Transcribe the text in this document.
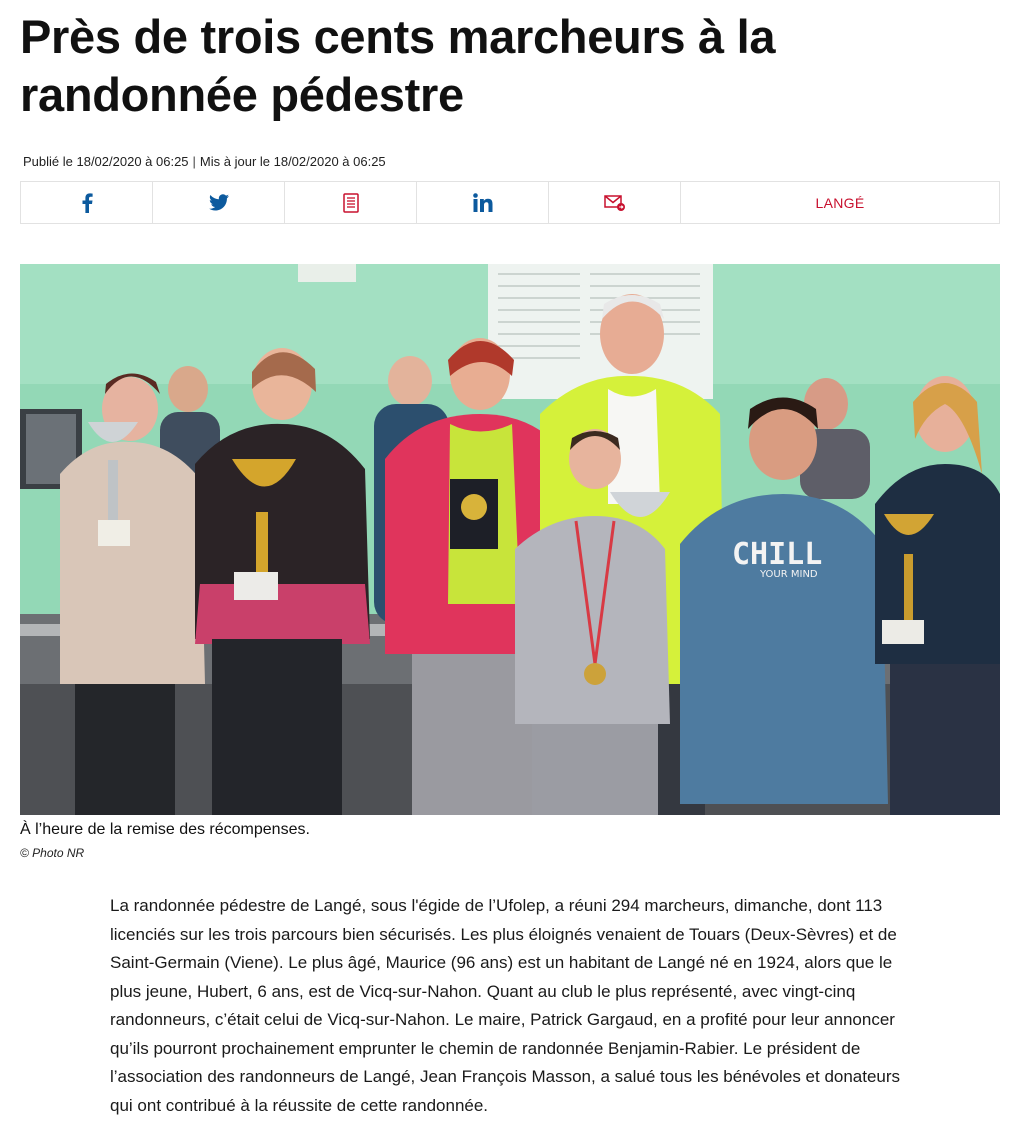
Près de trois cents marcheurs à la randonnée pédestre
Publié le 18/02/2020 à 06:25 | Mis à jour le 18/02/2020 à 06:25
LANGÉ
CHILL
YOUR MIND
À l’heure de la remise des récompenses.
© Photo NR

La randonnée pédestre de Langé, sous l'égide de l’Ufolep, a réuni 294 marcheurs, dimanche, dont 113 licenciés sur les trois parcours bien sécurisés. Les plus éloignés venaient de Touars (Deux-Sèvres) et de Saint-Germain (Viene). Le plus âgé, Maurice (96 ans) est un habitant de Langé né en 1924, alors que le plus jeune, Hubert, 6 ans, est de Vicq-sur-Nahon. Quant au club le plus représenté, avec vingt-cinq randonneurs, c’était celui de Vicq-sur-Nahon. Le maire, Patrick Gargaud, en a profité pour leur annoncer qu’ils pourront prochainement emprunter le chemin de randonnée Benjamin-Rabier. Le président de l’association des randonneurs de Langé, Jean François Masson, a salué tous les bénévoles et donateurs qui ont contribué à la réussite de cette randonnée.
